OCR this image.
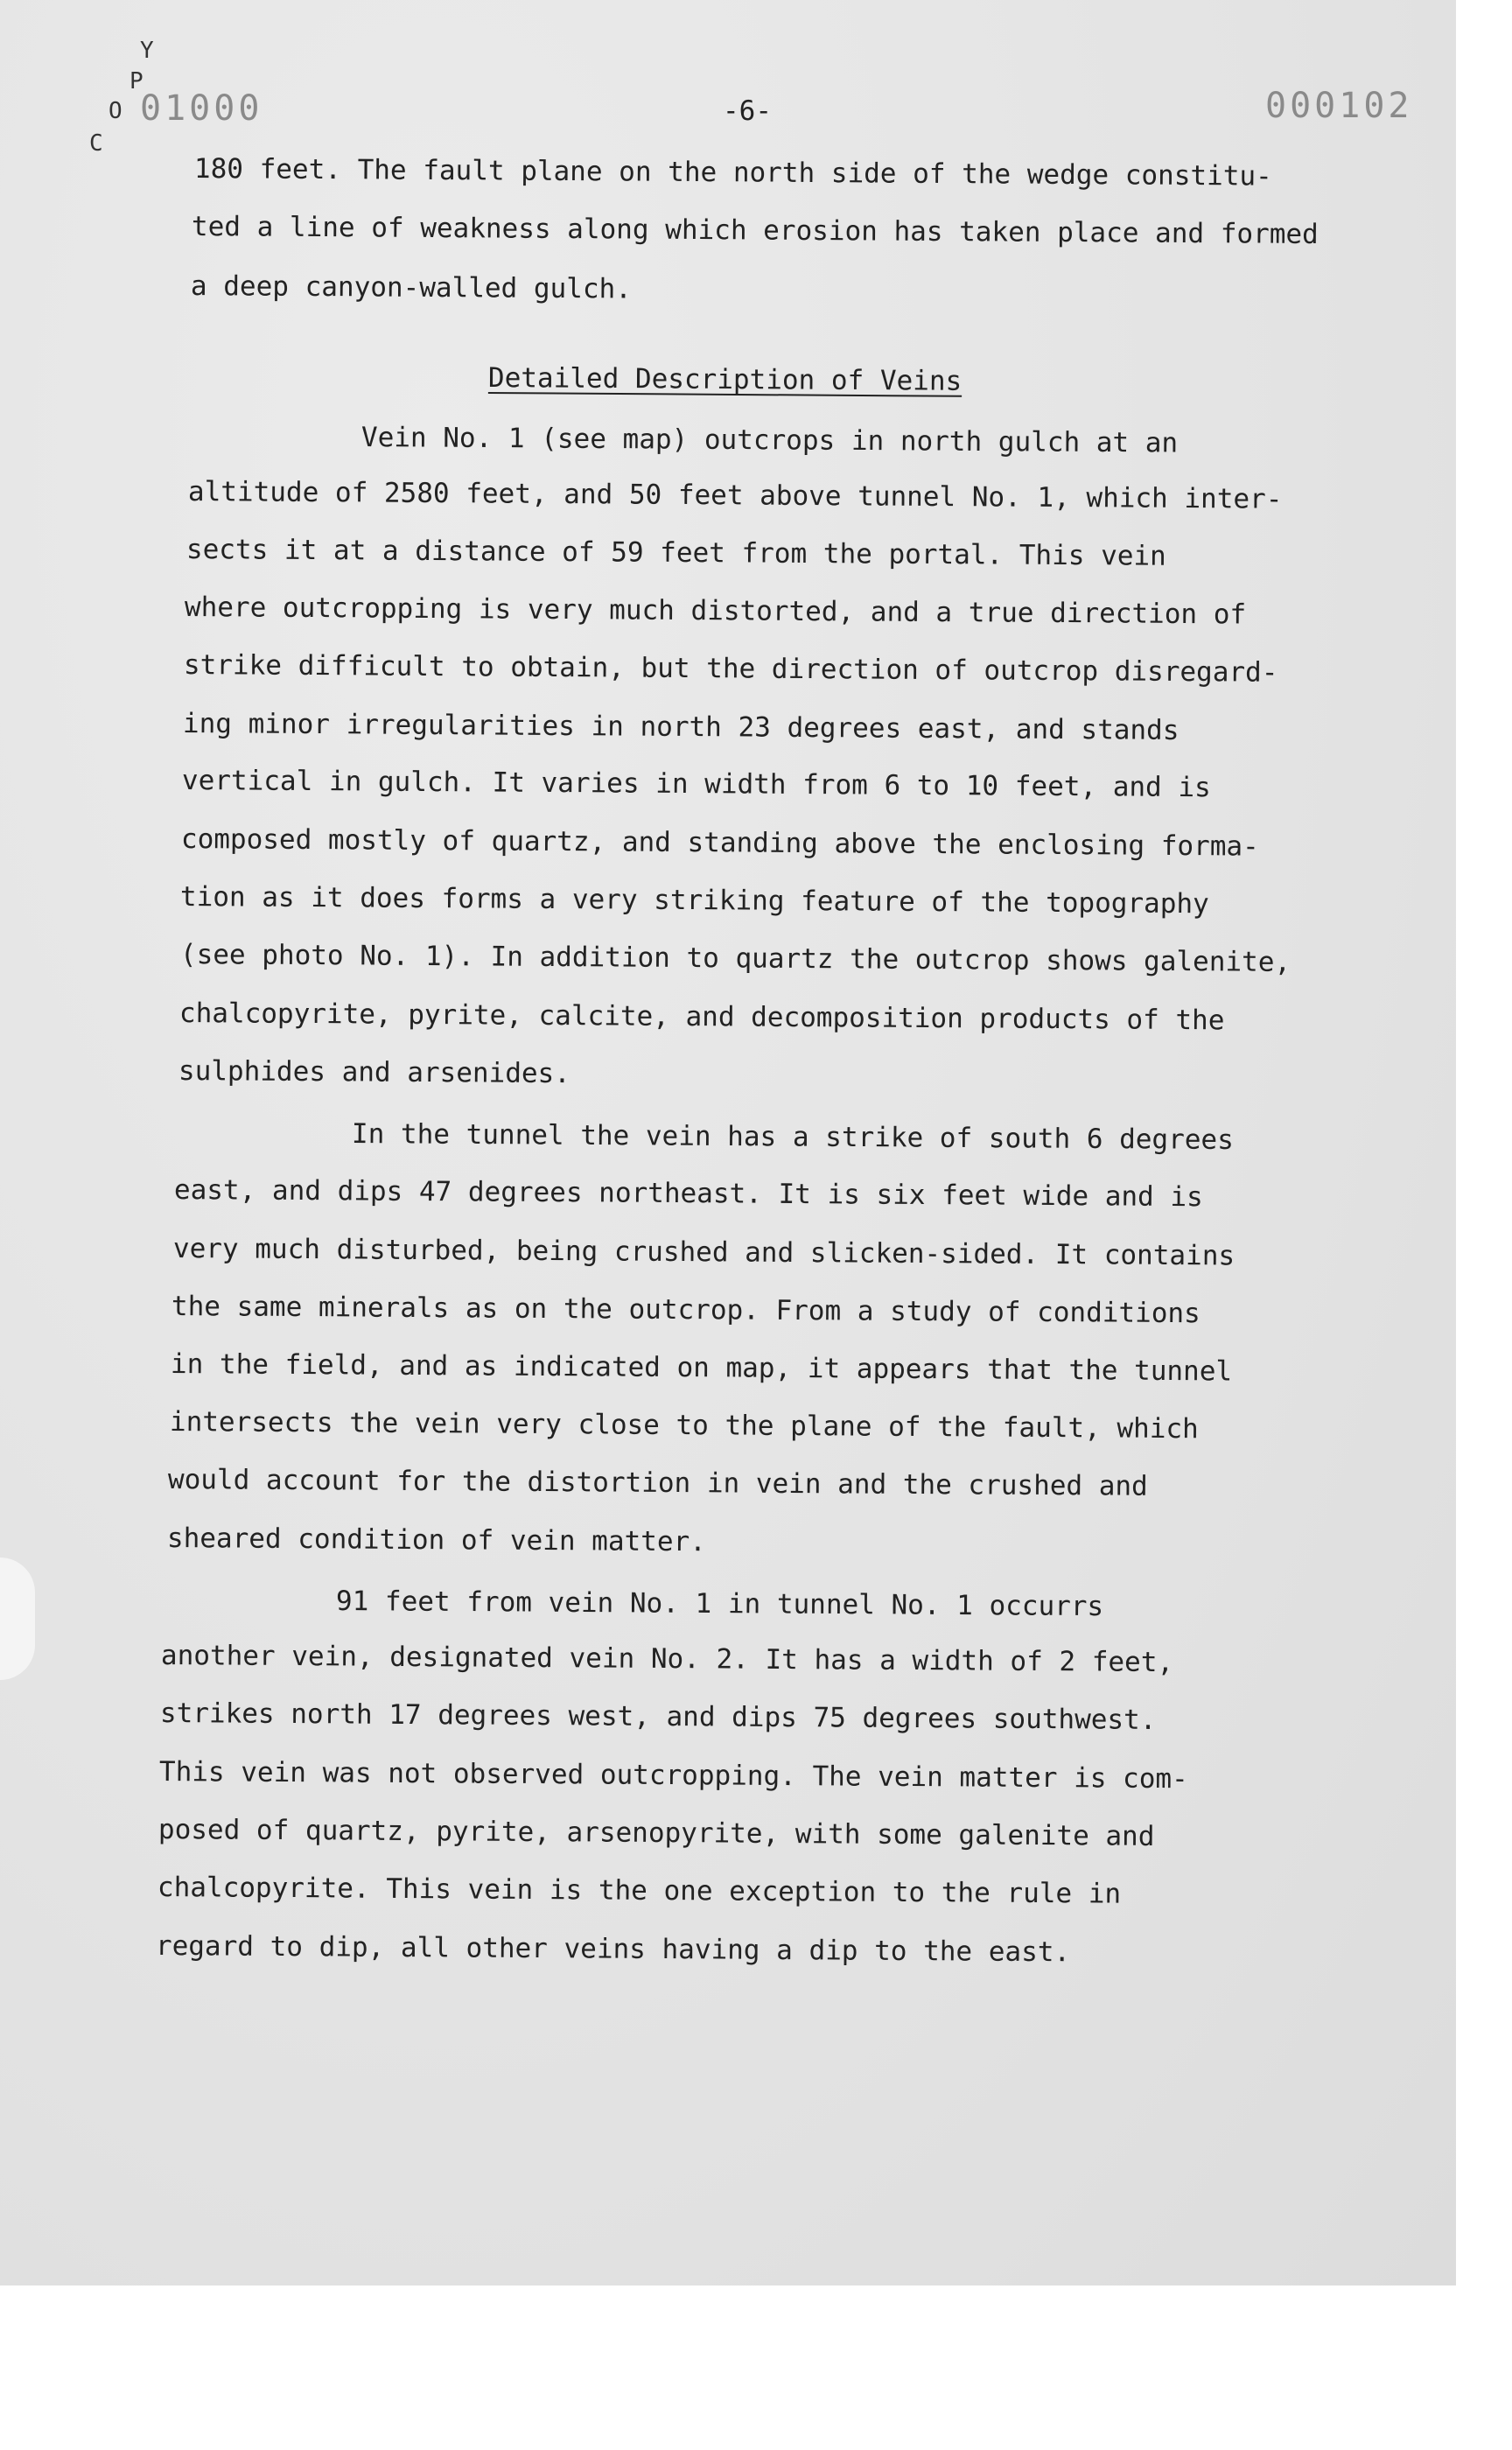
Y
P
O
C
01000	-6-	000102
180 feet. The fault plane on the north side of the wedge constitu-
ted a line of weakness along which erosion has taken place and formed
a deep canyon-walled gulch.
Detailed Description of Veins
Vein No. 1 (see map) outcrops in north gulch at an
altitude of 2580 feet, and 50 feet above tunnel No. 1, which inter-
sects it at a distance of 59 feet from the portal. This vein
where outcropping is very much distorted, and a true direction of
strike difficult to obtain, but the direction of outcrop disregard-
ing minor irregularities in north 23 degrees east, and stands
vertical in gulch. It varies in width from 6 to 10 feet, and is
composed mostly of quartz, and standing above the enclosing forma-
tion as it does forms a very striking feature of the topography
(see photo No. 1). In addition to quartz the outcrop shows galenite,
chalcopyrite, pyrite, calcite, and decomposition products of the
sulphides and arsenides.
In the tunnel the vein has a strike of south 6 degrees
east, and dips 47 degrees northeast. It is six feet wide and is
very much disturbed, being crushed and slicken-sided. It contains
the same minerals as on the outcrop. From a study of conditions
in the field, and as indicated on map, it appears that the tunnel
intersects the vein very close to the plane of the fault, which
would account for the distortion in vein and the crushed and
sheared condition of vein matter.
91 feet from vein No. 1 in tunnel No. 1 occurrs
another vein, designated vein No. 2. It has a width of 2 feet,
strikes north 17 degrees west, and dips 75 degrees southwest.
This vein was not observed outcropping. The vein matter is com-
posed of quartz, pyrite, arsenopyrite, with some galenite and
chalcopyrite. This vein is the one exception to the rule in
regard to dip, all other veins having a dip to the east.
